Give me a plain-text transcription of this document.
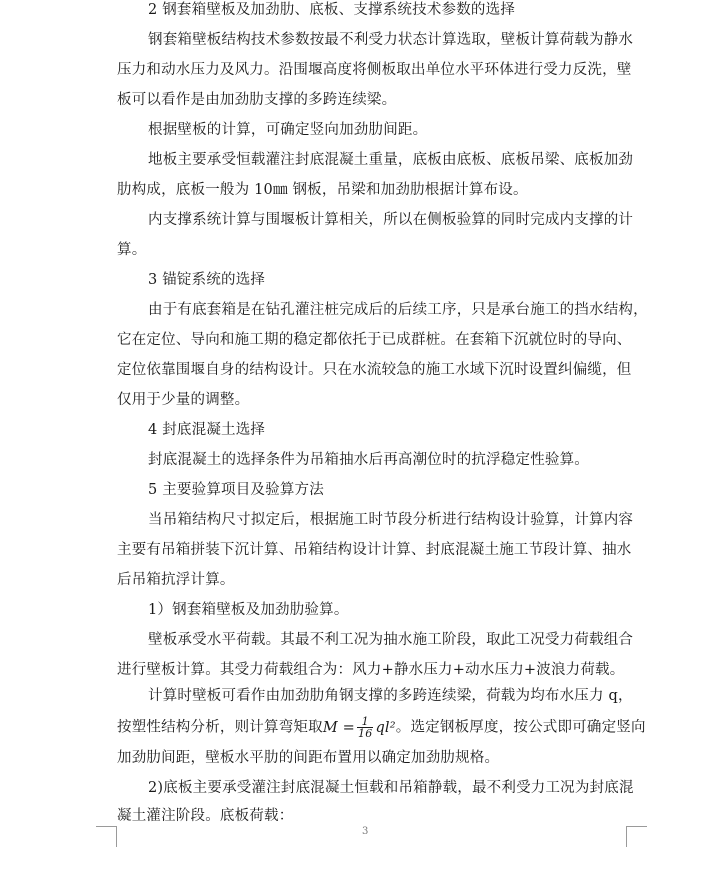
2 钢套箱壁板及加劲肋、底板、支撑系统技术参数的选择
钢套箱壁板结构技术参数按最不利受力状态计算选取，壁板计算荷载为静水
压力和动水压力及风力。沿围堰高度将侧板取出单位水平环体进行受力反洗，壁
板可以看作是由加劲肋支撑的多跨连续梁。
根据壁板的计算，可确定竖向加劲肋间距。
地板主要承受恒载灌注封底混凝土重量，底板由底板、底板吊梁、底板加劲
肋构成，底板一般为 10㎜ 钢板，吊梁和加劲肋根据计算布设。
内支撑系统计算与围堰板计算相关，所以在侧板验算的同时完成内支撑的计
算。
3 锚锭系统的选择
由于有底套箱是在钻孔灌注桩完成后的后续工序，只是承台施工的挡水结构，
它在定位、导向和施工期的稳定都依托于已成群桩。在套箱下沉就位时的导向、
定位依靠围堰自身的结构设计。只在水流较急的施工水域下沉时设置纠偏缆，但
仅用于少量的调整。
4 封底混凝土选择
封底混凝土的选择条件为吊箱抽水后再高潮位时的抗浮稳定性验算。
5 主要验算项目及验算方法
当吊箱结构尺寸拟定后，根据施工时节段分析进行结构设计验算，计算内容
主要有吊箱拼装下沉计算、吊箱结构设计计算、封底混凝土施工节段计算、抽水
后吊箱抗浮计算。
1）钢套箱壁板及加劲肋验算。
壁板承受水平荷载。其最不利工况为抽水施工阶段，取此工况受力荷载组合
进行壁板计算。其受力荷载组合为：风力+静水压力+动水压力+波浪力荷载。
计算时壁板可看作由加劲肋角钢支撑的多跨连续梁，荷载为均布水压力 q，
按塑性结构分析，则计算弯矩取$M = \frac{1}{16} ql^2$。选定钢板厚度，按公式即可确定竖向
加劲肋间距，壁板水平肋的间距布置用以确定加劲肋规格。
2)底板主要承受灌注封底混凝土恒载和吊箱静载，最不利受力工况为封底混
凝土灌注阶段。底板荷载：
3
